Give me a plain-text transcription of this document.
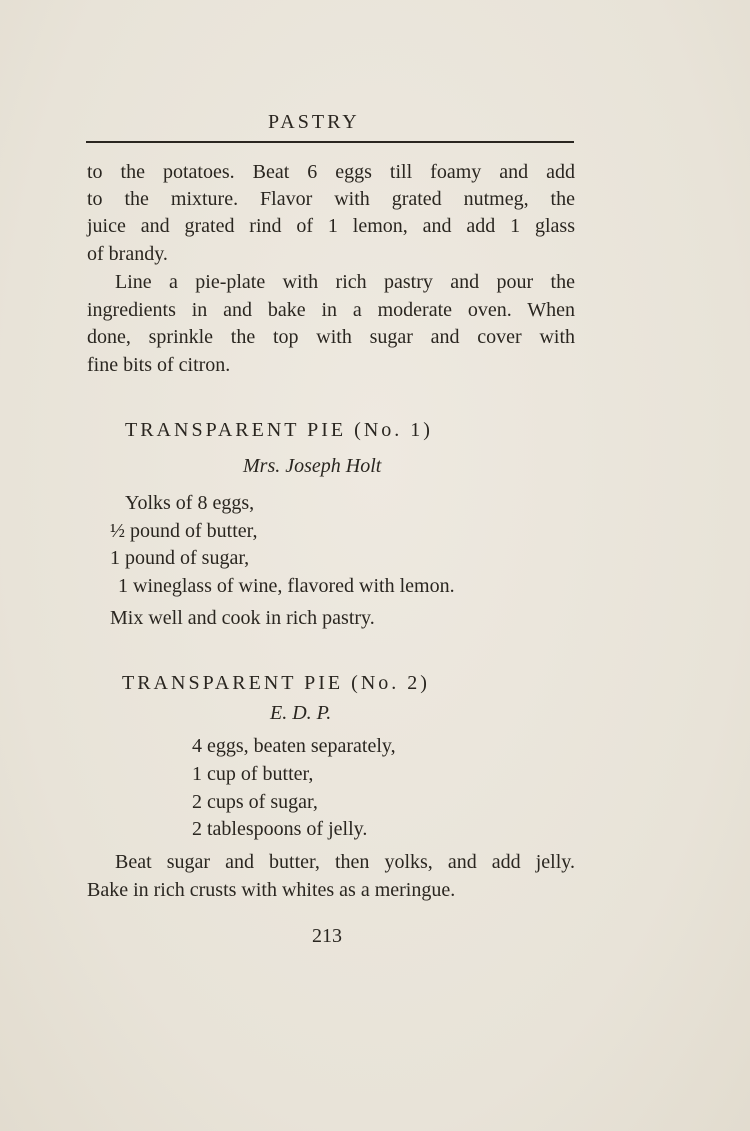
PASTRY
to the potatoes. Beat 6 eggs till foamy and add
to the mixture. Flavor with grated nutmeg, the
juice and grated rind of 1 lemon, and add 1 glass
of brandy.
Line a pie-plate with rich pastry and pour the
ingredients in and bake in a moderate oven. When
done, sprinkle the top with sugar and cover with
fine bits of citron.
TRANSPARENT PIE (No. 1)
Mrs. Joseph Holt
Yolks of 8 eggs,
½ pound of butter,
1 pound of sugar,
1 wineglass of wine, flavored with lemon.
Mix well and cook in rich pastry.
TRANSPARENT PIE (No. 2)
E. D. P.
4 eggs, beaten separately,
1 cup of butter,
2 cups of sugar,
2 tablespoons of jelly.
Beat sugar and butter, then yolks, and add jelly.
Bake in rich crusts with whites as a meringue.
213
